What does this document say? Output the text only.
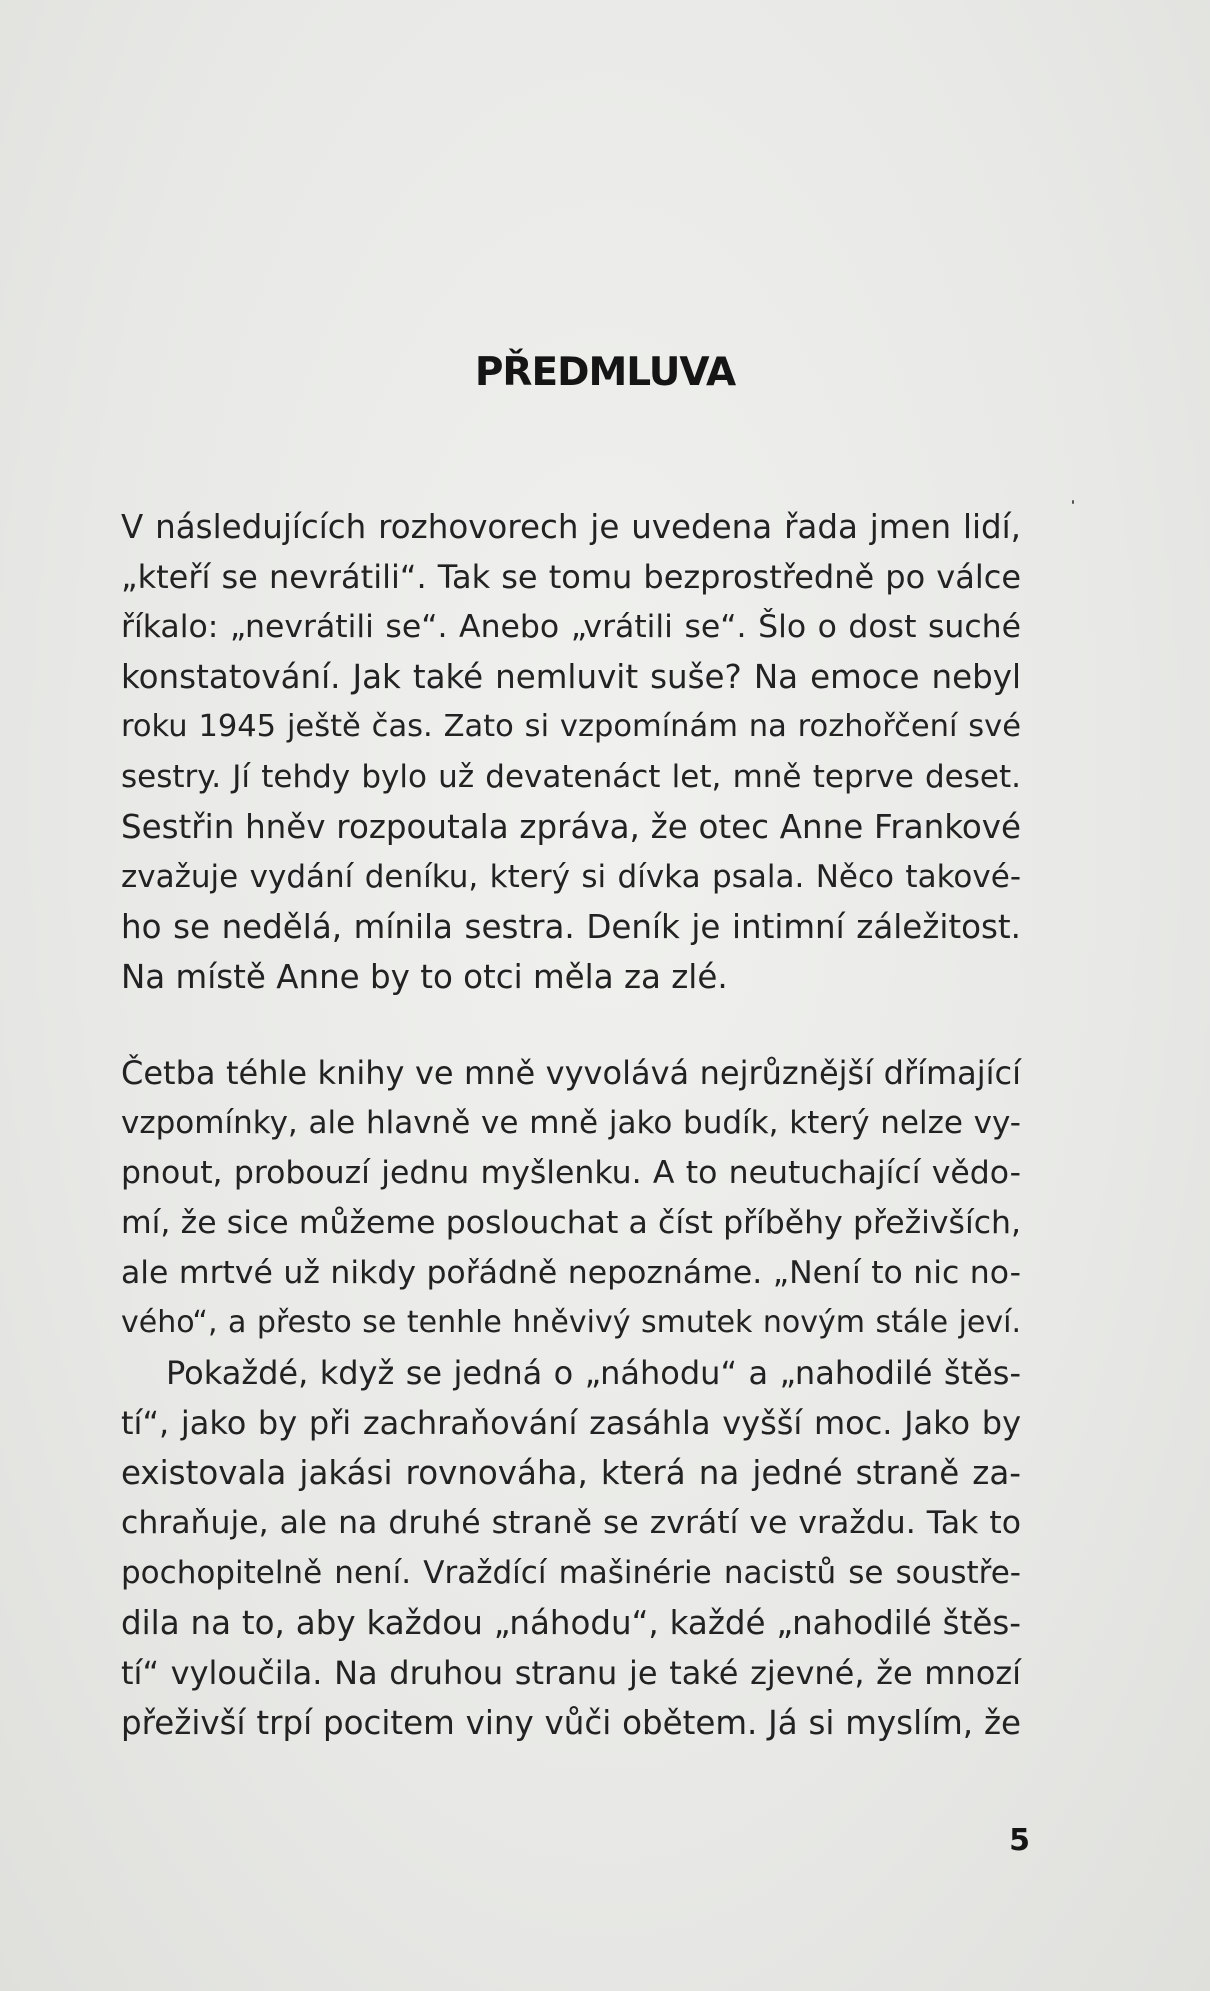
PŘEDMLUVA
V následujících rozhovorech je uvedena řada jmen lidí,
„kteří se nevrátili“. Tak se tomu bezprostředně po válce
říkalo: „nevrátili se“. Anebo „vrátili se“. Šlo o dost suché
konstatování. Jak také nemluvit suše? Na emoce nebyl
roku 1945 ještě čas. Zato si vzpomínám na rozhořčení své
sestry. Jí tehdy bylo už devatenáct let, mně teprve deset.
Sestřin hněv rozpoutala zpráva, že otec Anne Frankové
zvažuje vydání deníku, který si dívka psala. Něco takové-
ho se nedělá, mínila sestra. Deník je intimní záležitost.
Na místě Anne by to otci měla za zlé.
Četba téhle knihy ve mně vyvolává nejrůznější dřímající
vzpomínky, ale hlavně ve mně jako budík, který nelze vy-
pnout, probouzí jednu myšlenku. A to neutuchající vědo-
mí, že sice můžeme poslouchat a číst příběhy přeživších,
ale mrtvé už nikdy pořádně nepoznáme. „Není to nic no-
vého“, a přesto se tenhle hněvivý smutek novým stále jeví.
Pokaždé, když se jedná o „náhodu“ a „nahodilé štěs-
tí“, jako by při zachraňování zasáhla vyšší moc. Jako by
existovala jakási rovnováha, která na jedné straně za-
chraňuje, ale na druhé straně se zvrátí ve vraždu. Tak to
pochopitelně není. Vraždící mašinérie nacistů se soustře-
dila na to, aby každou „náhodu“, každé „nahodilé štěs-
tí“ vyloučila. Na druhou stranu je také zjevné, že mnozí
přeživší trpí pocitem viny vůči obětem. Já si myslím, že
5
